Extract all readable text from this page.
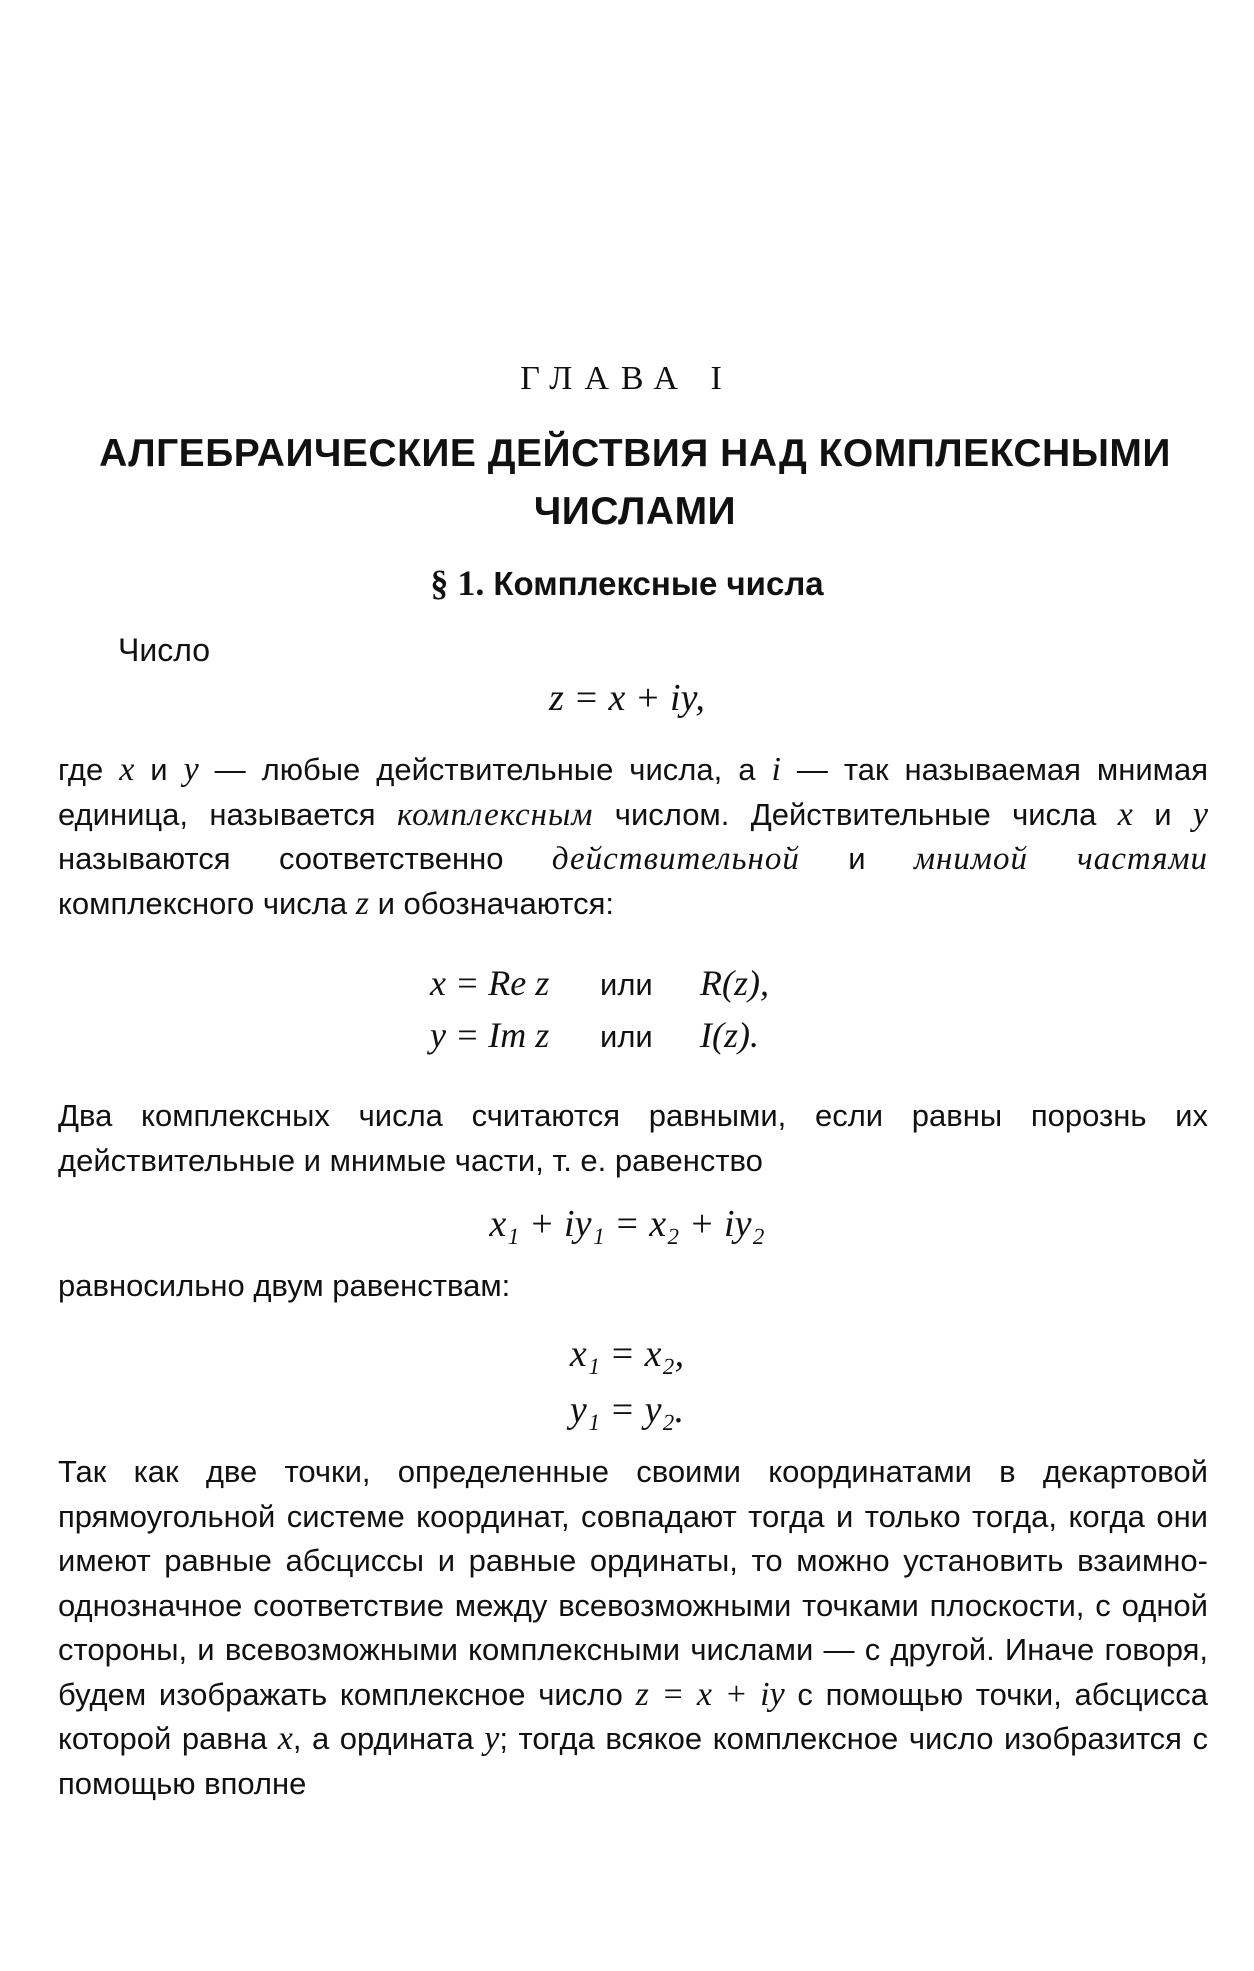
ГЛАВА I
АЛГЕБРАИЧЕСКИЕ ДЕЙСТВИЯ НАД КОМПЛЕКСНЫМИ
ЧИСЛАМИ
§ 1. Комплексные числа
Число
z = x + iy,
где x и y — любые действительные числа, а i — так называемая мнимая единица, называется комплексным числом. Действительные числа x и y называются соответственно действительной и мнимой частями комплексного числа z и обозначаются:
x = Re z или R(z),
y = Im z или I(z).
Два комплексных числа считаются равными, если равны порознь их действительные и мнимые части, т. е. равенство
x₁ + iy₁ = x₂ + iy₂
равносильно двум равенствам:
x₁ = x₂,
y₁ = y₂.
Так как две точки, определенные своими координатами в декартовой прямоугольной системе координат, совпадают тогда и только тогда, когда они имеют равные абсциссы и равные ординаты, то можно установить взаимно-однозначное соответствие между всевозможными точками плоскости, с одной стороны, и всевозможными комплексными числами — с другой. Иначе говоря, будем изображать комплексное число z = x + iy с помощью точки, абсцисса которой равна x, а ордината y; тогда всякое комплексное число изобразится с помощью вполне
